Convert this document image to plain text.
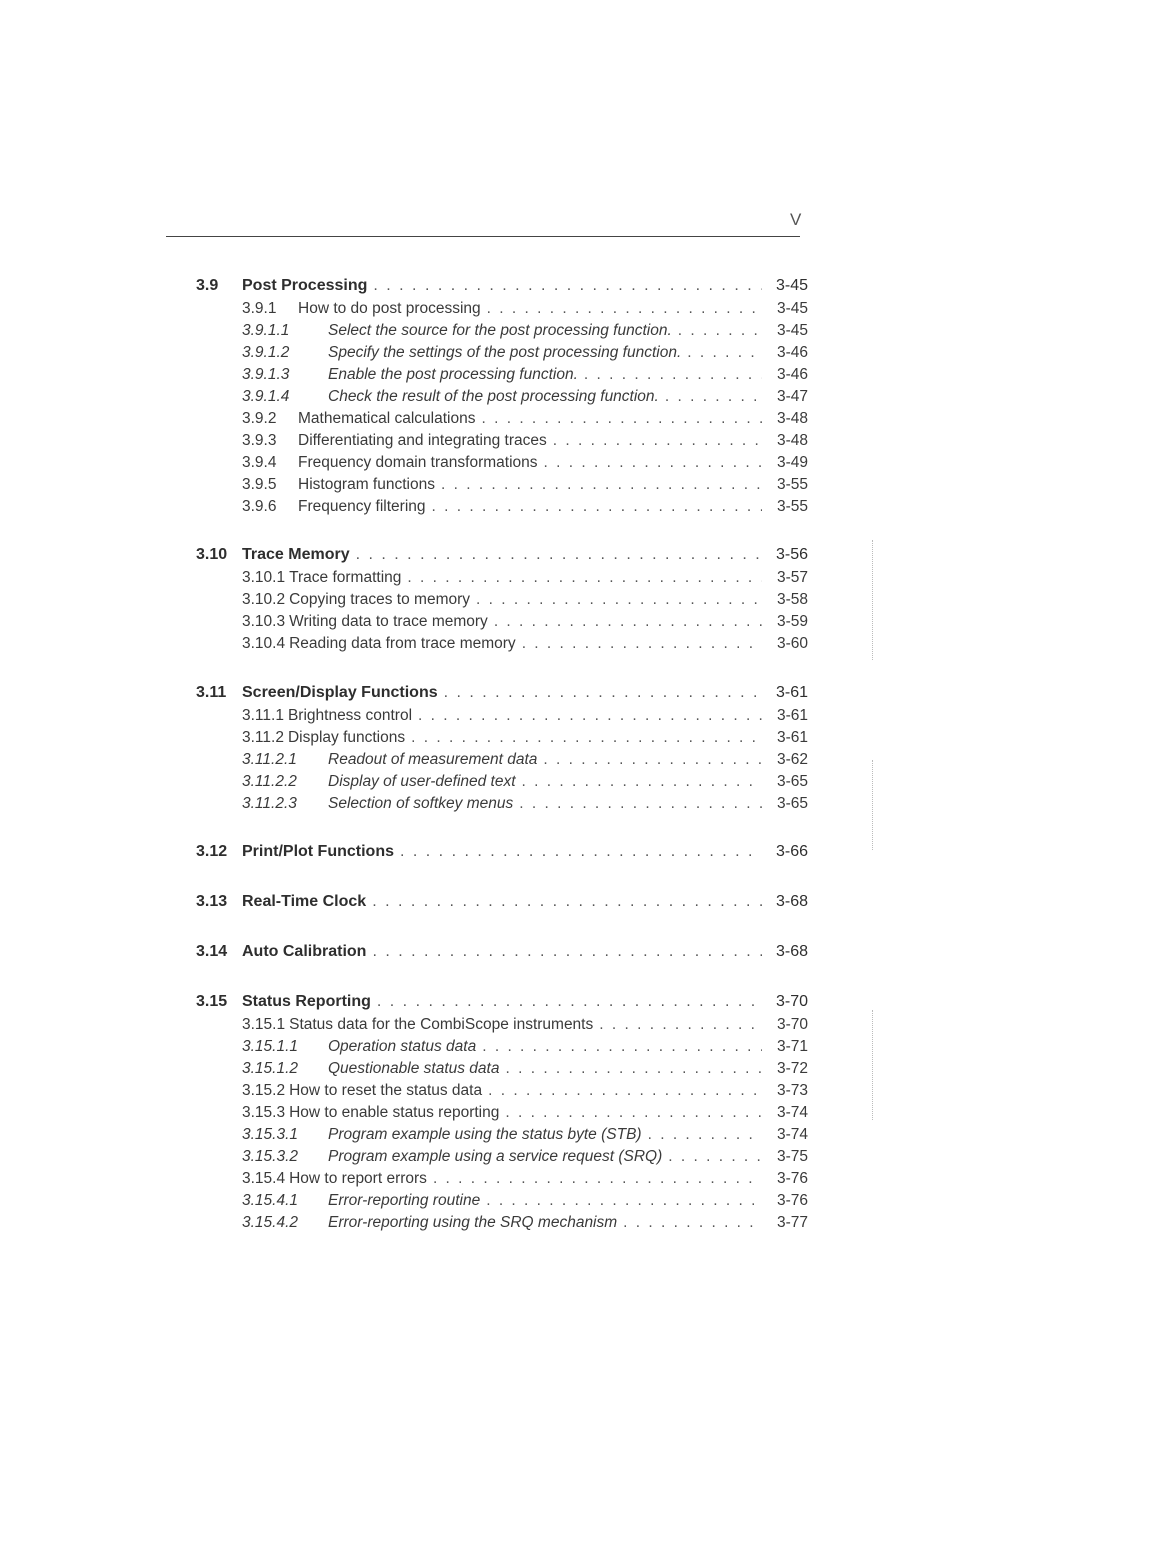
V
3.9	Post Processing . . .	3-45
3.9.1	How to do post processing . . .	3-45
3.9.1.1	Select the source for the post processing function. . . .	3-45
3.9.1.2	Specify the settings of the post processing function. . . .	3-46
3.9.1.3	Enable the post processing function. . . .	3-46
3.9.1.4	Check the result of the post processing function. . . .	3-47
3.9.2	Mathematical calculations . . .	3-48
3.9.3	Differentiating and integrating traces . . .	3-48
3.9.4	Frequency domain transformations . . .	3-49
3.9.5	Histogram functions . . .	3-55
3.9.6	Frequency filtering . . .	3-55
3.10 Trace Memory . . .	3-56
3.10.1 Trace formatting . . .	3-57
3.10.2 Copying traces to memory . . .	3-58
3.10.3 Writing data to trace memory . . .	3-59
3.10.4 Reading data from trace memory . . .	3-60
3.11 Screen/Display Functions . . .	3-61
3.11.1 Brightness control . . .	3-61
3.11.2 Display functions . . .	3-61
3.11.2.1	Readout of measurement data . . .	3-62
3.11.2.2	Display of user-defined text . . .	3-65
3.11.2.3	Selection of softkey menus . . .	3-65
3.12 Print/Plot Functions . . .	3-66
3.13 Real-Time Clock . . .	3-68
3.14 Auto Calibration . . .	3-68
3.15 Status Reporting . . .	3-70
3.15.1 Status data for the CombiScope instruments . . .	3-70
3.15.1.1	Operation status data . . .	3-71
3.15.1.2	Questionable status data . . .	3-72
3.15.2 How to reset the status data . . .	3-73
3.15.3 How to enable status reporting . . .	3-74
3.15.3.1	Program example using the status byte (STB) . . .	3-74
3.15.3.2	Program example using a service request (SRQ) . . .	3-75
3.15.4 How to report errors . . .	3-76
3.15.4.1	Error-reporting routine . . .	3-76
3.15.4.2	Error-reporting using the SRQ mechanism . . .	3-77
